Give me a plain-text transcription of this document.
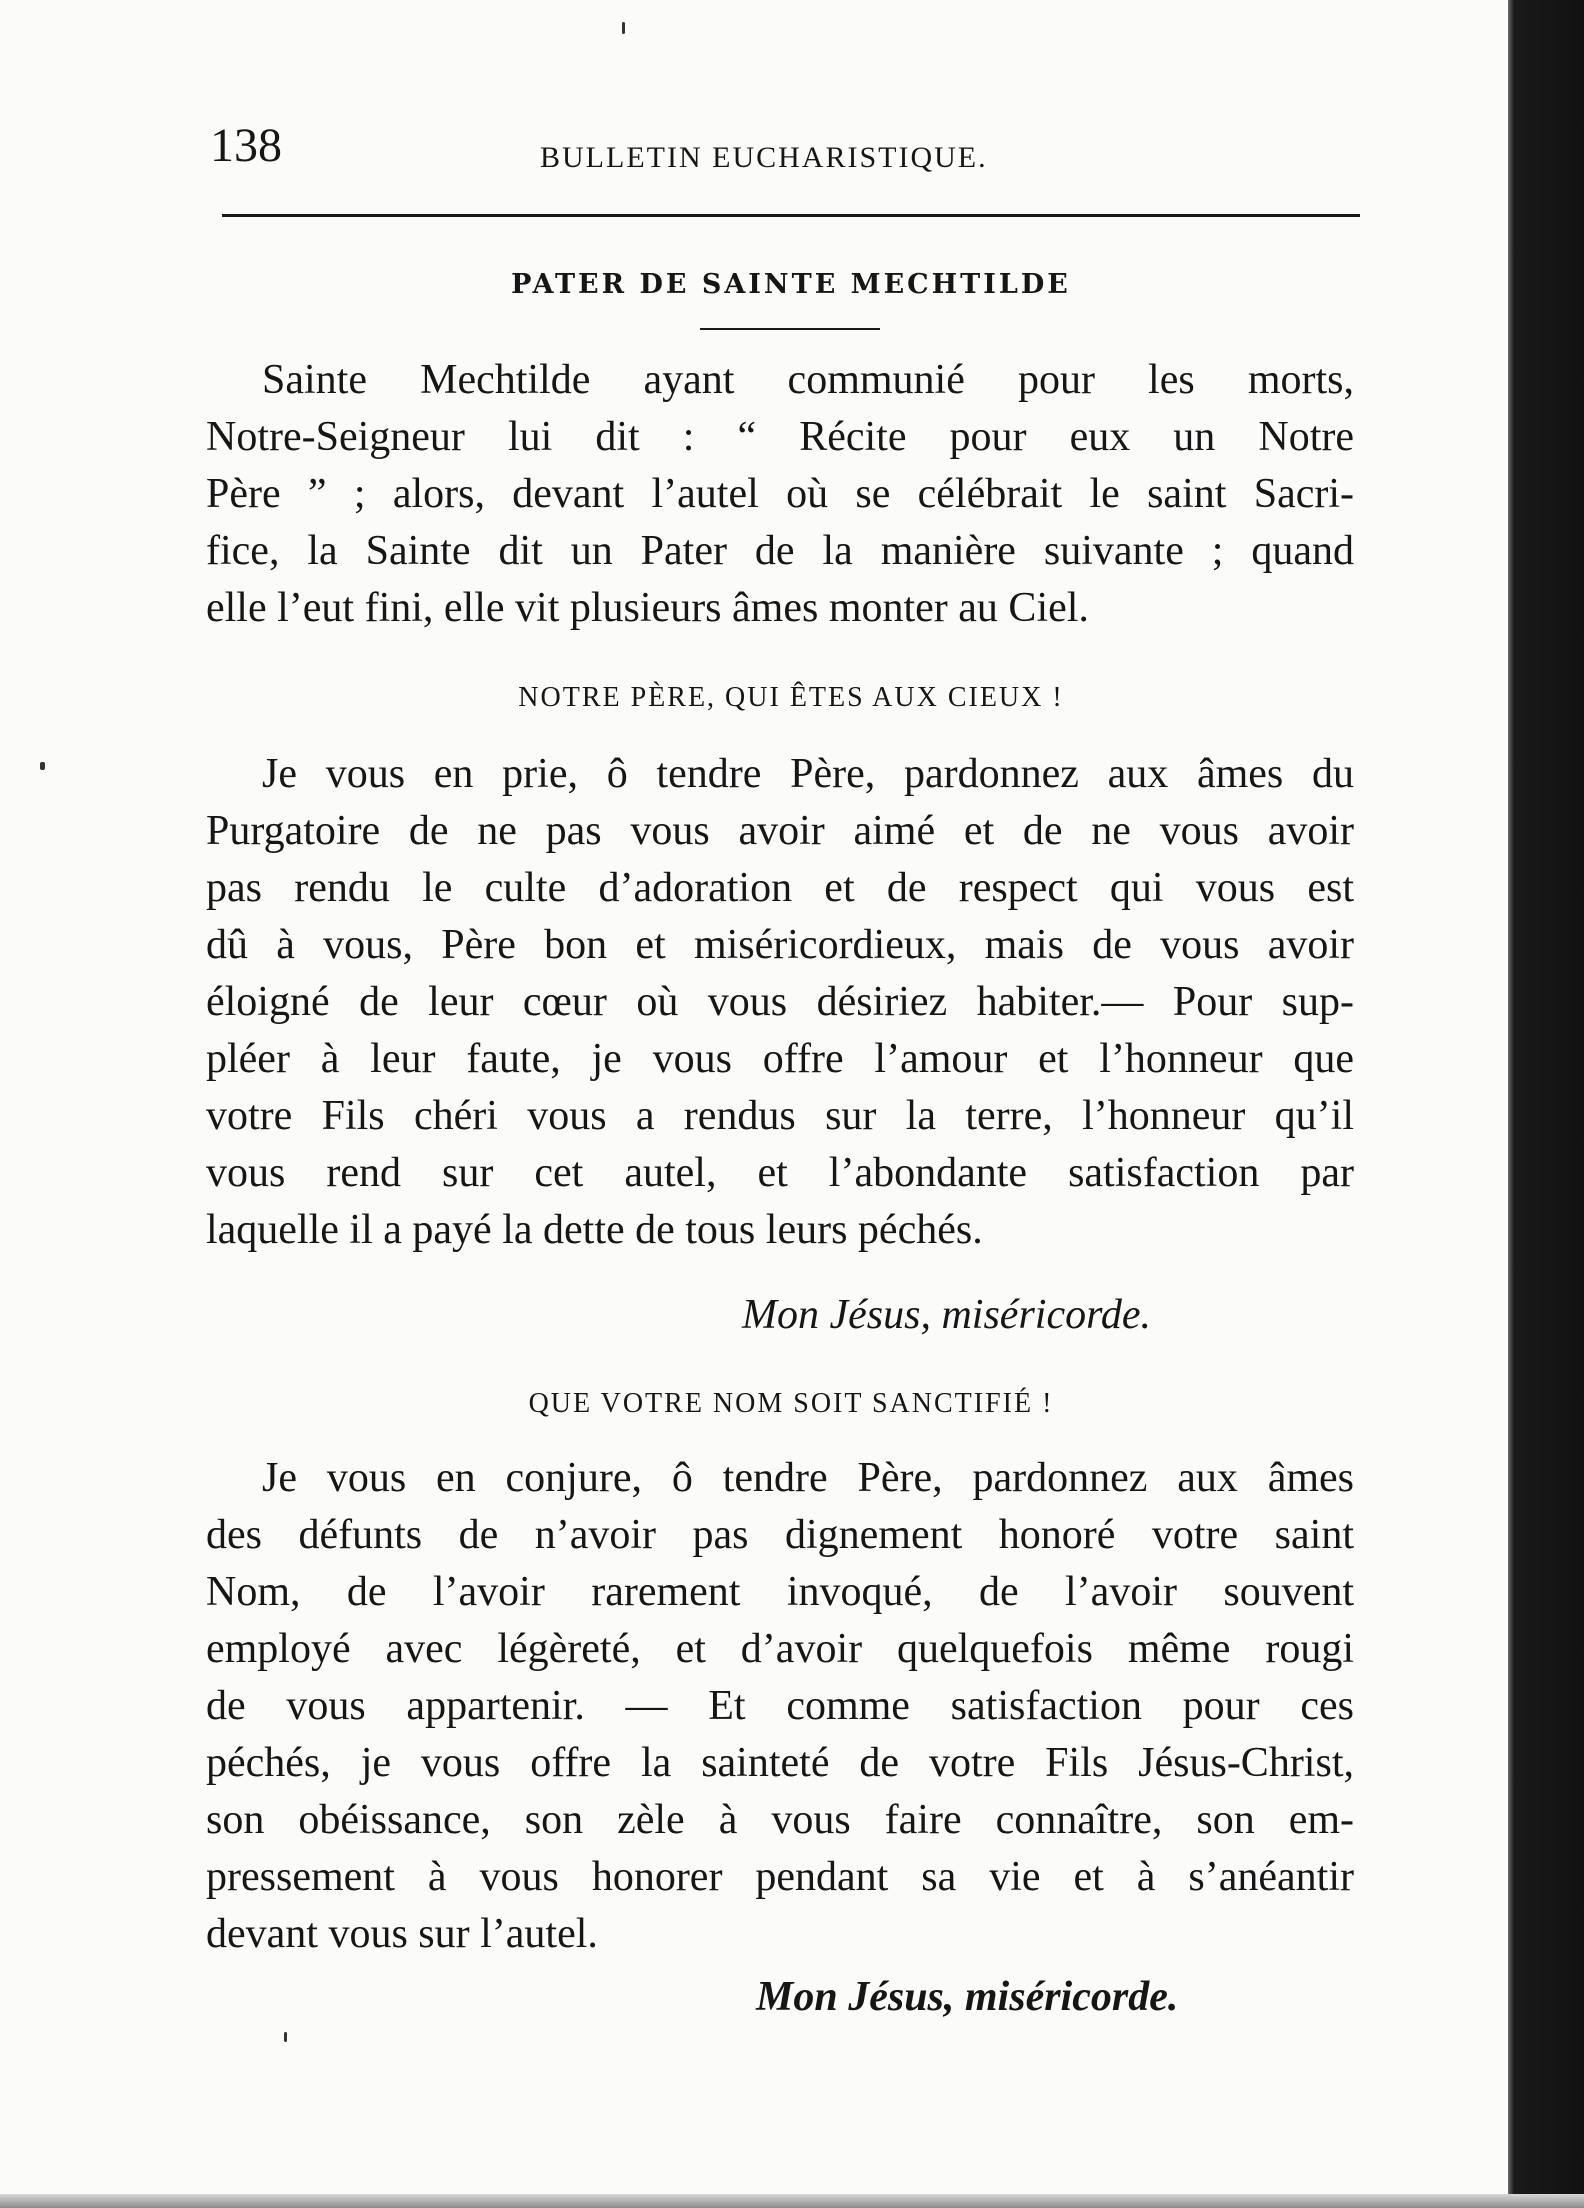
138	BULLETIN EUCHARISTIQUE.
PATER DE SAINTE MECHTILDE
Sainte Mechtilde ayant communié pour les morts,
Notre-Seigneur lui dit : “ Récite pour eux un Notre
Père ” ; alors, devant l’autel où se célébrait le saint Sacri-
fice, la Sainte dit un Pater de la manière suivante ; quand
elle l’eut fini, elle vit plusieurs âmes monter au Ciel.
NOTRE PÈRE, QUI ÊTES AUX CIEUX !
Je vous en prie, ô tendre Père, pardonnez aux âmes du
Purgatoire de ne pas vous avoir aimé et de ne vous avoir
pas rendu le culte d’adoration et de respect qui vous est
dû à vous, Père bon et miséricordieux, mais de vous avoir
éloigné de leur cœur où vous désiriez habiter.— Pour sup-
pléer à leur faute, je vous offre l’amour et l’honneur que
votre Fils chéri vous a rendus sur la terre, l’honneur qu’il
vous rend sur cet autel, et l’abondante satisfaction par
laquelle il a payé la dette de tous leurs péchés.
Mon Jésus, miséricorde.
QUE VOTRE NOM SOIT SANCTIFIÉ !
Je vous en conjure, ô tendre Père, pardonnez aux âmes
des défunts de n’avoir pas dignement honoré votre saint
Nom, de l’avoir rarement invoqué, de l’avoir souvent
employé avec légèreté, et d’avoir quelquefois même rougi
de vous appartenir. — Et comme satisfaction pour ces
péchés, je vous offre la sainteté de votre Fils Jésus-Christ,
son obéissance, son zèle à vous faire connaître, son em-
pressement à vous honorer pendant sa vie et à s’anéantir
devant vous sur l’autel.
Mon Jésus, miséricorde.
